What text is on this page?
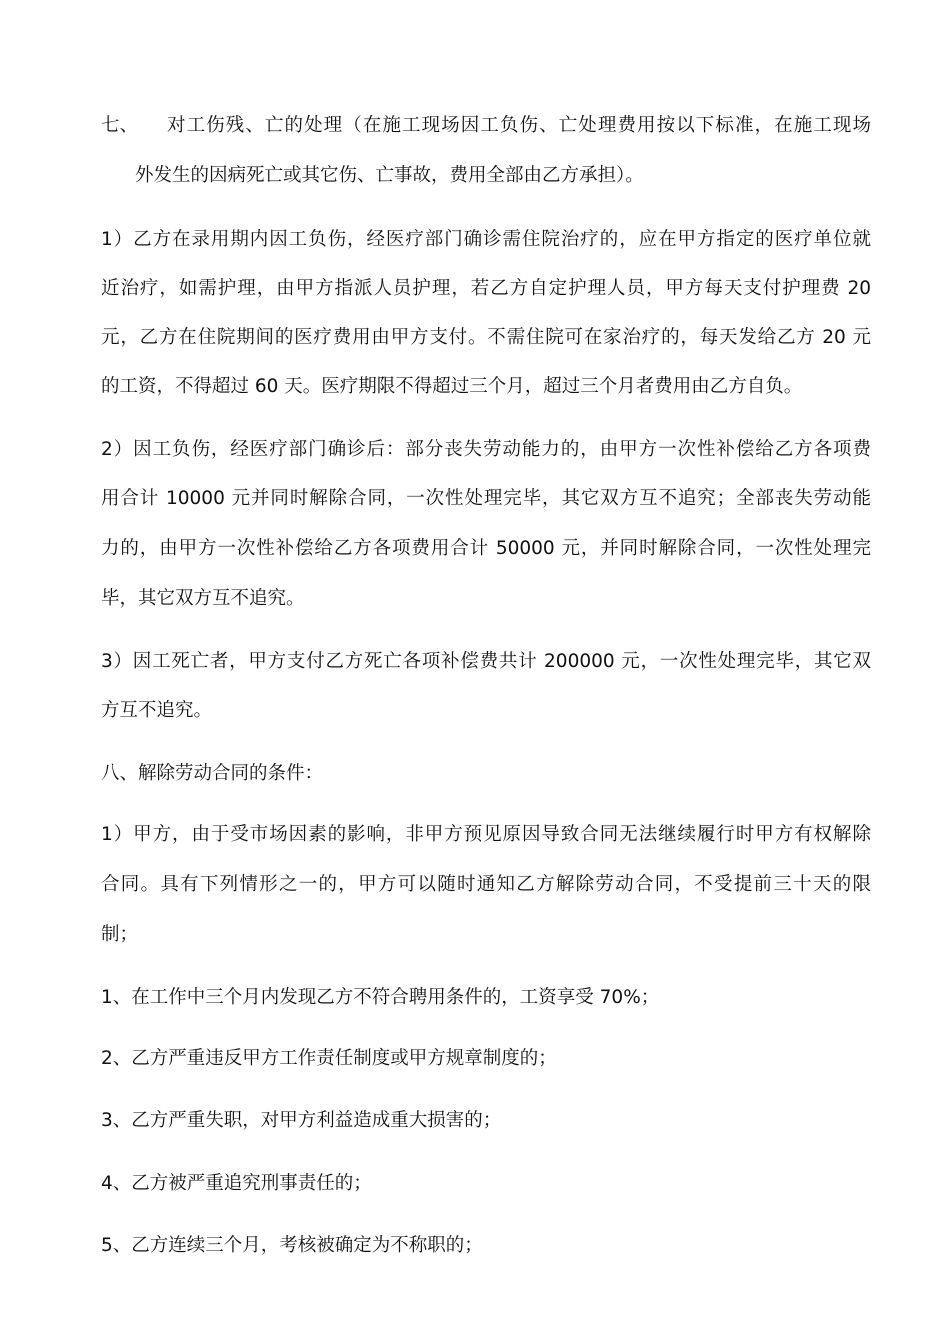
七、 对工伤残、亡的处理（在施工现场因工负伤、亡处理费用按以下标准，在施工现场
外发生的因病死亡或其它伤、亡事故，费用全部由乙方承担）。
1）乙方在录用期内因工负伤，经医疗部门确诊需住院治疗的，应在甲方指定的医疗单位就
近治疗，如需护理，由甲方指派人员护理，若乙方自定护理人员，甲方每天支付护理费 20
元，乙方在住院期间的医疗费用由甲方支付。不需住院可在家治疗的，每天发给乙方 20 元
的工资，不得超过 60 天。医疗期限不得超过三个月，超过三个月者费用由乙方自负。
2）因工负伤，经医疗部门确诊后：部分丧失劳动能力的，由甲方一次性补偿给乙方各项费
用合计 10000 元并同时解除合同，一次性处理完毕，其它双方互不追究；全部丧失劳动能
力的，由甲方一次性补偿给乙方各项费用合计 50000 元，并同时解除合同，一次性处理完
毕，其它双方互不追究。
3）因工死亡者，甲方支付乙方死亡各项补偿费共计 200000 元，一次性处理完毕，其它双
方互不追究。
八、解除劳动合同的条件：
1）甲方，由于受市场因素的影响，非甲方预见原因导致合同无法继续履行时甲方有权解除
合同。具有下列情形之一的，甲方可以随时通知乙方解除劳动合同，不受提前三十天的限
制；
1、在工作中三个月内发现乙方不符合聘用条件的，工资享受 70%；
2、乙方严重违反甲方工作责任制度或甲方规章制度的；
3、乙方严重失职，对甲方利益造成重大损害的；
4、乙方被严重追究刑事责任的；
5、乙方连续三个月，考核被确定为不称职的；
